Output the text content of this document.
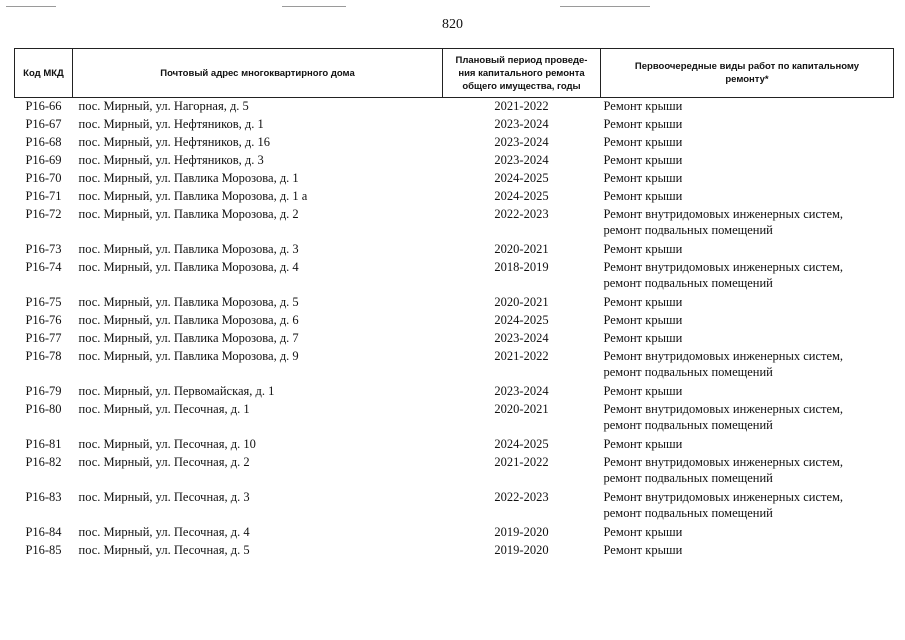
820
Код МКД	Почтовый адрес многоквартирного дома	Плановый период проведе-
ния капитального ремонта
общего имущества, годы	Первоочередные виды работ по капитальному
ремонту*

Р16-66	пос. Мирный, ул. Нагорная, д. 5	2021-2022	Ремонт крыши

Р16-67	пос. Мирный, ул. Нефтяников, д. 1	2023-2024	Ремонт крыши

Р16-68	пос. Мирный, ул. Нефтяников, д. 16	2023-2024	Ремонт крыши

Р16-69	пос. Мирный, ул. Нефтяников, д. 3	2023-2024	Ремонт крыши

Р16-70	пос. Мирный, ул. Павлика Морозова, д. 1	2024-2025	Ремонт крыши

Р16-71	пос. Мирный, ул. Павлика Морозова, д. 1 а	2024-2025	Ремонт крыши

Р16-72	пос. Мирный, ул. Павлика Морозова, д. 2	2022-2023	Ремонт внутридомовых инженерных систем,
ремонт подвальных помещений

Р16-73	пос. Мирный, ул. Павлика Морозова, д. 3	2020-2021	Ремонт крыши

Р16-74	пос. Мирный, ул. Павлика Морозова, д. 4	2018-2019	Ремонт внутридомовых инженерных систем,
ремонт подвальных помещений

Р16-75	пос. Мирный, ул. Павлика Морозова, д. 5	2020-2021	Ремонт крыши

Р16-76	пос. Мирный, ул. Павлика Морозова, д. 6	2024-2025	Ремонт крыши

Р16-77	пос. Мирный, ул. Павлика Морозова, д. 7	2023-2024	Ремонт крыши

Р16-78	пос. Мирный, ул. Павлика Морозова, д. 9	2021-2022	Ремонт внутридомовых инженерных систем,
ремонт подвальных помещений

Р16-79	пос. Мирный, ул. Первомайская, д. 1	2023-2024	Ремонт крыши

Р16-80	пос. Мирный, ул. Песочная, д. 1	2020-2021	Ремонт внутридомовых инженерных систем,
ремонт подвальных помещений

Р16-81	пос. Мирный, ул. Песочная, д. 10	2024-2025	Ремонт крыши

Р16-82	пос. Мирный, ул. Песочная, д. 2	2021-2022	Ремонт внутридомовых инженерных систем,
ремонт подвальных помещений

Р16-83	пос. Мирный, ул. Песочная, д. 3	2022-2023	Ремонт внутридомовых инженерных систем,
ремонт подвальных помещений

Р16-84	пос. Мирный, ул. Песочная, д. 4	2019-2020	Ремонт крыши

Р16-85	пос. Мирный, ул. Песочная, д. 5	2019-2020	Ремонт крыши
